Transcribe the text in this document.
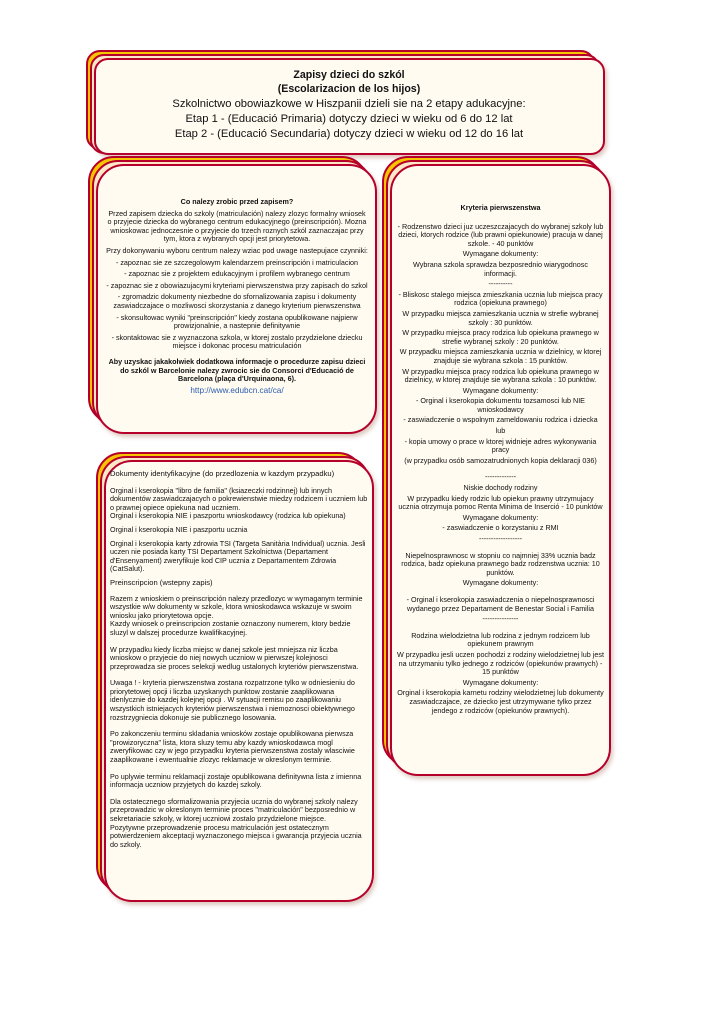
Zapisy dzieci do szkól
(Escolarizacion de los hijos)
Szkolnictwo obowiazkowe w Hiszpanii dzieli sie na 2 etapy adukacyjne:
Etap 1 - (Educació Primaria) dotyczy dzieci w wieku od 6 do 12 lat
Etap 2 - (Educació Secundaria) dotyczy dzieci w wieku od 12 do 16 lat

Co nalezy zrobic przed zapisem?

Przed zapisem dziecka do szkoly (matriculación) nalezy zlozyc formalny wniosek o przyjecie dziecka do wybranego centrum edukacyjnego (preinscripción). Mozna wnioskowac jednoczesnie o przyjecie do trzech roznych szkól zaznaczajac przy tym, ktora z wybranych opcji jest priorytetowa.

Przy dokonywaniu wyboru centrum nalezy wziac pod uwage nastepujace czynniki:

- zapoznac sie ze szczegolowym kalendarzem preinscripción i matriculacion

- zapoznac sie z projektem edukacyjnym i profilem wybranego centrum

- zapoznac sie z obowiazujacymi kryteriami pierwszenstwa przy zapisach do szkol

- zgromadzic dokumenty niezbedne do sfornalizowania zapisu i dokumenty zaswiadczajace o mozliwosci skorzystania z danego kryterium pierwszenstwa

- skonsultowac wyniki "preinscripción" kiedy zostana opublikowane najpierw prowizjonalnie, a nastepnie definitywnie

- skontaktowac sie z wyznaczona szkola, w ktorej zostalo przydzielone dziecku miejsce i dokonac procesu matriculación

Aby uzyskac jakakolwiek dodatkowa informacje o procedurze zapisu dzieci do szkól w Barcelonie nalezy zwrocic sie do Consorci d'Educació de Barcelona (plaça d'Urquinaona, 6).

http://www.edubcn.cat/ca/

Kryteria pierwszenstwa

- Rodzenstwo dzieci juz uczeszczajacych do wybranej szkoly lub dzieci, ktorych rodzice (lub prawni opiekunowie) pracuja w danej szkole. - 40 punktów

Wymagane dokumenty:

Wybrana szkola sprawdza bezposrednio wiarygodnosc informacji.

----------

- Bliskosc stalego miejsca zmieszkania ucznia lub miejsca pracy rodzica (opiekuna prawnego)

W przypadku miejsca zamieszkania ucznia w strefie wybranej szkoly : 30 punktów.

W przypadku miejsca pracy rodzica lub opiekuna prawnego w strefie wybranej szkoly : 20 punktów.

W przypadku miejsca zamieszkania ucznia w dzielnicy, w ktorej znajduje sie wybrana szkola : 15 punktów.

W przypadku miejsca pracy rodzica lub opiekuna prawnego w dzielnicy, w ktorej znajduje sie wybrana szkola : 10 punktów.

Wymagane dokumenty:

- Orginal i kserokopia dokumentu tozsamosci lub NIE wnioskodawcy

- zaswiadczenie o wspolnym zameldowaniu rodzica i dziecka

lub

- kopia umowy o prace w ktorej widnieje adres wykonywania pracy

(w przypadku osób samozatrudnionych kopia deklaracji 036)

-------------

Niskie dochody rodziny

W przypadku kiedy rodzic lub opiekun prawny utrzymujacy ucznia otrzymuja pomoc Renta Minima de Inserció - 10 punktów

Wymagane dokumenty:

- zaswiadczenie o korzystaniu z RMI

------------------

Niepelnosprawnosc w stopniu co najmniej 33% ucznia badz rodzica, badz opiekuna prawnego badz rodzenstwa ucznia: 10 punktów.

Wymagane dokumenty:

- Orginal i kserokopia zaswiadczenia o niepelnosprawnosci wydanego przez Departament de Benestar Social i Familia

---------------

Rodzina wielodzietna lub rodzina z jednym rodzicem lub opiekunem prawnym

W przypadku jesli uczen pochodzi z rodziny wielodzietnej lub jest na utrzymaniu tylko jednego z rodziców (opiekunów prawnych) - 15 punktów

Wymagane dokumenty:

Orginal i kserokopia karnetu rodziny wielodzietnej lub dokumenty zaswiadczajace, ze dziecko jest utrzymywane tylko przez jendego z rodziców (opiekunów prawnych).

Dokumenty identyfikacyjne (do przedlozenia w kazdym przypadku)

Orginal i kserokopia "libro de familia" (ksiazeczki rodzinnej) lub innych dokumentów zaswiadczajacych o pokrewienstwie miedzy rodzicem i uczniem lub o prawnej opiece opiekuna nad uczniem.
Orginal i kserokopia NIE i paszportu wnioskodawcy (rodzica lub opiekuna)

Orginal i kserokopia NIE i paszportu ucznia

Orginal i kserokopia karty zdrowia TSI (Targeta Sanitària Individual) ucznia. Jesli uczen nie posiada karty TSI Departament Szkolnictwa (Departament d'Ensenyament) zweryfikuje kod CIP ucznia z Departamentem Zdrowia (CatSalut).

Preinscripcion (wstepny zapis)

Razem z wnioskiem o preinscripción nalezy przedlozyc w wymaganym terminie wszystkie w/w dokumenty w szkole, ktora wnioskodawca wskazuje w swoim wniosku jako priorytetowa opcje.
Kazdy wniosek o preinscripcion zostanie oznaczony numerem, ktory bedzie sluzyl w dalszej procedurze kwalifikacyjnej.

W przypadku kiedy liczba miejsc w danej szkole jest mniejsza niz liczba wnioskow o przyjecie do niej nowych uczniow w pierwszej kolejnosci przeprowadza sie proces selekcji wedlug ustalonych kryteriów pierwszenstwa.

Uwaga ! - kryteria pierwszenstwa zostana rozpatrzone tylko w odniesieniu do priorytetowej opcji i liczba uzyskanych punktow zostanie zaaplikowana idenlycznie do kazdej kolejnej opcji . W sytuacji remisu po zaaplikowaniu wszystkich istniejacych kryteriów pierwszenstwa i niemoznosci obiektywnego rozstrzygniecia dokonuje sie publicznego losowania.

Po zakonczeniu terminu skladania wniosków zostaje opublikowana pierwsza "prowizoryczna" lista, ktora sluzy temu aby kazdy wnioskodawca mogl zweryfikowac czy w jego przypadku kryteria pierwszenstwa zostaly wlasciwie zaaplikowane i ewentualnie zlozyc reklamacje w okreslonym terminie.

Po uplywie terminu reklamacji zostaje opublikowana definitywna lista z imienna informacja uczniow przyjetych do kazdej szkoly.

Dla ostatecznego sformalizowania przyjecia ucznia do wybranej szkoly nalezy przeprowadzic w okreslonym terminie proces "matriculación" bezposrednio w sekretariacie szkoly, w ktorej uczniowi zostalo przydzielone miejsce.
Pozytywne przeprowadzenie procesu matriculación jest ostatecznym potwierdzeniem akceptacji wyznaczonego miejsca i gwarancja przyjecia ucznia do szkoly.
